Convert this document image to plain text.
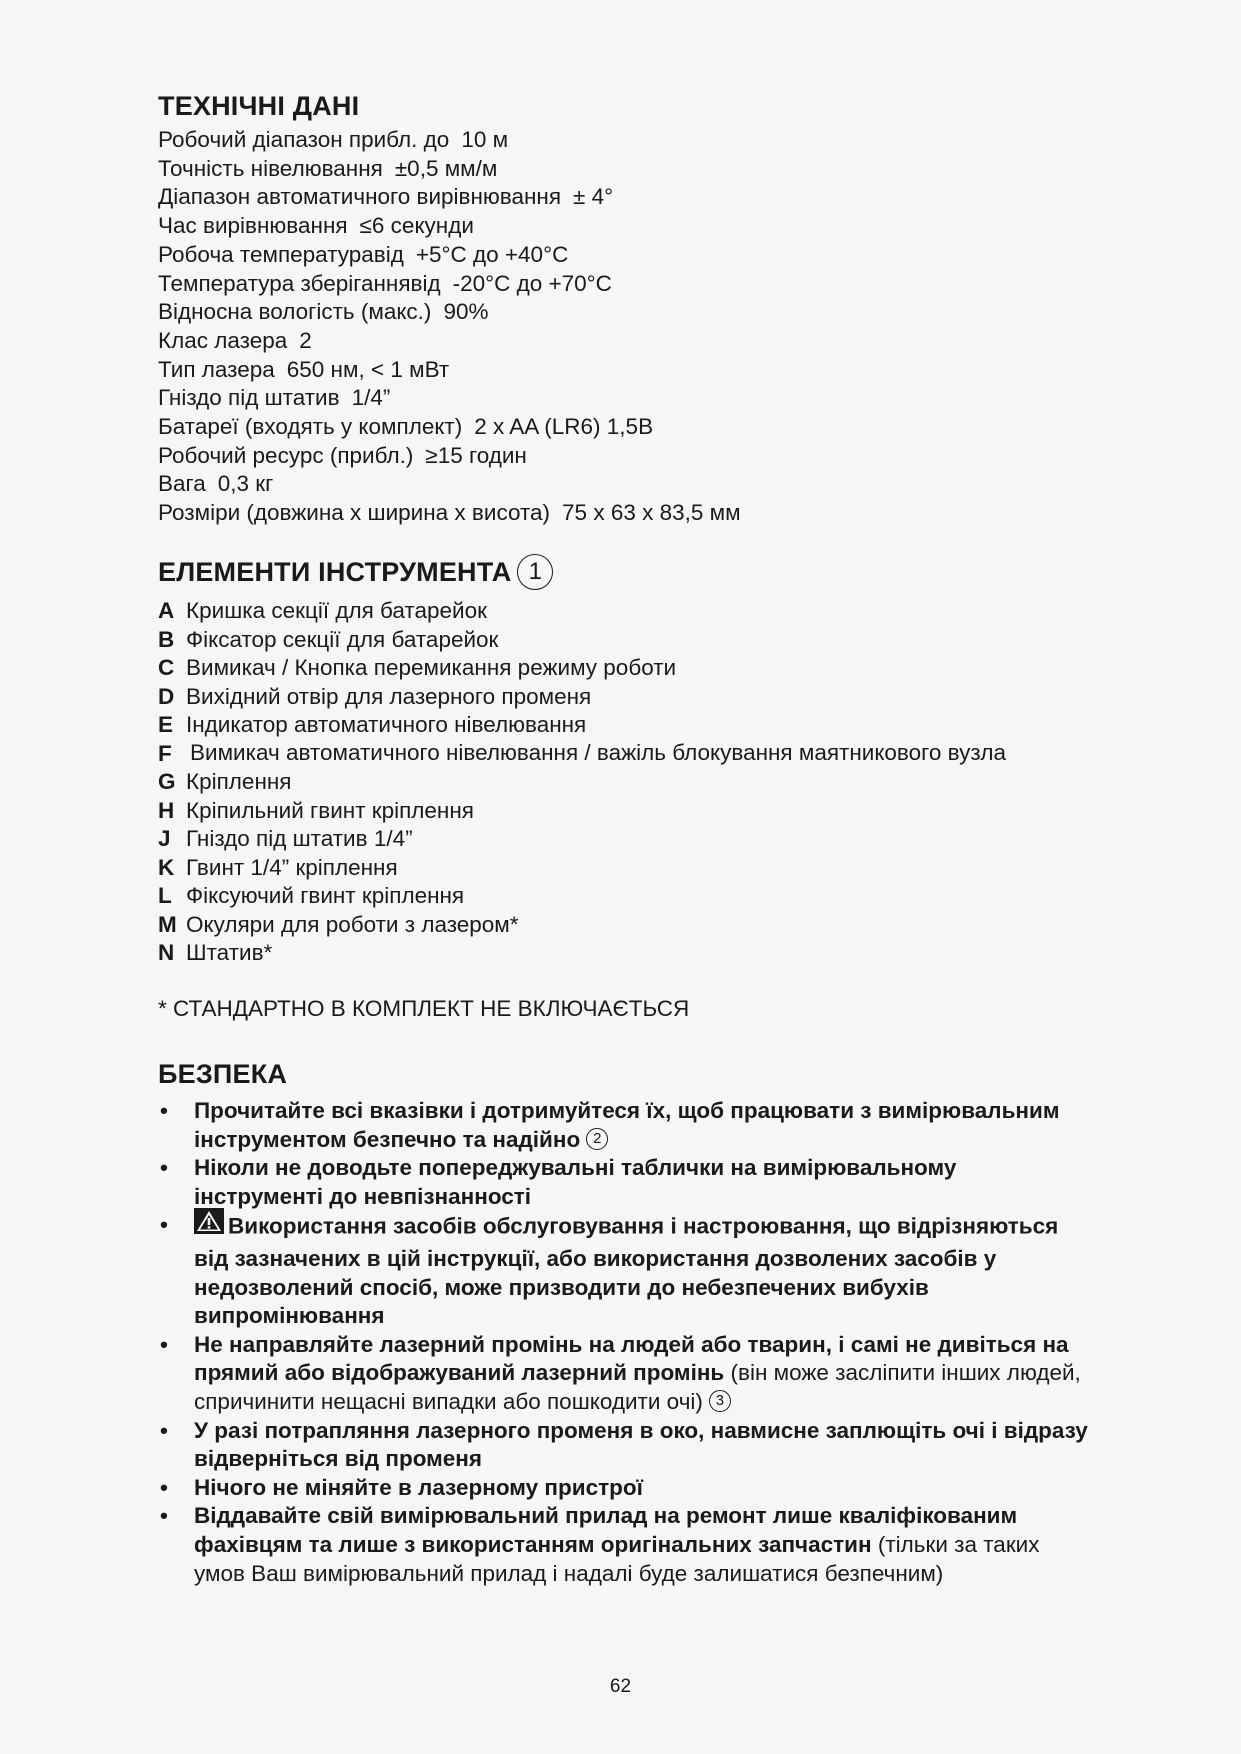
ТЕХНІЧНІ ДАНІ
Робочий діапазон прибл. до 10 м
Точність нівелювання ±0,5 мм/м
Діапазон автоматичного вирівнювання ± 4°
Час вирівнювання ≤6 секунди
Робоча температуравід +5°С до +40°С
Температура зберіганнявід -20°С до +70°С
Відносна вологість (макс.) 90%
Клас лазера 2
Тип лазера 650 нм, < 1 мВт
Гніздо під штатив 1/4”
Батареї (входять у комплект) 2 x AA (LR6) 1,5В
Робочий ресурс (прибл.) ≥15 годин
Вага 0,3 кг
Розміри (довжина x ширина x висота) 75 x 63 x 83,5 мм
ЕЛЕМЕНТИ ІНСТРУМЕНТА 1
A Кришка секції для батарейок
B Фіксатор секції для батарейок
C Вимикач / Кнопка перемикання режиму роботи
D Вихідний отвір для лазерного променя
E Індикатор автоматичного нівелювання
F Вимикач автоматичного нівелювання / важіль блокування маятникового вузла
G Кріплення
H Кріпильний гвинт кріплення
J Гніздо під штатив 1/4”
K Гвинт 1/4” кріплення
L Фіксуючий гвинт кріплення
M Окуляри для роботи з лазером*
N Штатив*
* СТАНДАРТНО В КОМПЛЕКТ НЕ ВКЛЮЧАЄТЬСЯ
БЕЗПЕКА
•	Прочитайте всі вказівки і дотримуйтеся їх, щоб працювати з вимірювальним інструментом безпечно та надійно 2
•	Ніколи не доводьте попереджувальні таблички на вимірювальному інструменті до невпізнанності
•	Використання засобів обслуговування і настроювання, що відрізняються від зазначених в цій інструкції, або використання дозволених засобів у недозволений спосіб, може призводити до небезпечених вибухів випромінювання
•	Не направляйте лазерний промінь на людей або тварин, і самі не дивіться на прямий або відображуваний лазерний промінь (він може засліпити інших людей, спричинити нещасні випадки або пошкодити очі) 3
•	У разі потрапляння лазерного променя в око, навмисне заплющіть очі і відразу відверніться від променя
•	Нічого не міняйте в лазерному пристрої
•	Віддавайте свій вимірювальний прилад на ремонт лише кваліфікованим фахівцям та лише з використанням оригінальних запчастин (тільки за таких умов Ваш вимірювальний прилад і надалі буде залишатися безпечним)
62
